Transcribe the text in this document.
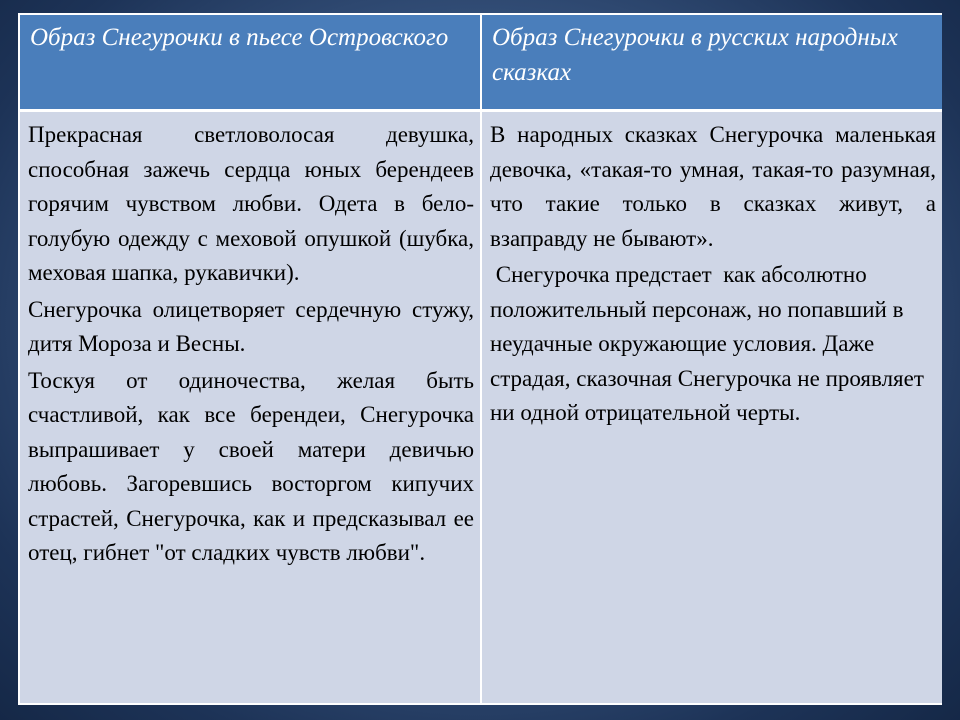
Образ Снегурочки в пьесе Островского	Образ Снегурочки в русских народных сказках

Прекрасная светловолосая девушка, способная зажечь сердца юных берендеев горячим чувством любви. Одета в бело-голубую одежду с меховой опушкой (шубка, меховая шапка, рукавички).

Снегурочка олицетворяет сердечную стужу, дитя Мороза и Весны.

Тоскуя от одиночества, желая быть счастливой, как все берендеи, Снегурочка выпрашивает у своей матери девичью любовь. Загоревшись восторгом кипучих страстей, Снегурочка, как и предсказывал ее отец, гибнет "от сладких чувств любви".

В народных сказках Снегурочка маленькая девочка, «такая-то умная, такая-то разумная, что такие только в сказках живут, а взаправду не бывают».

Снегурочка предстает  как абсолютно положительный персонаж, но попавший в неудачные окружающие условия. Даже страдая, сказочная Снегурочка не проявляет ни одной отрицательной черты.
